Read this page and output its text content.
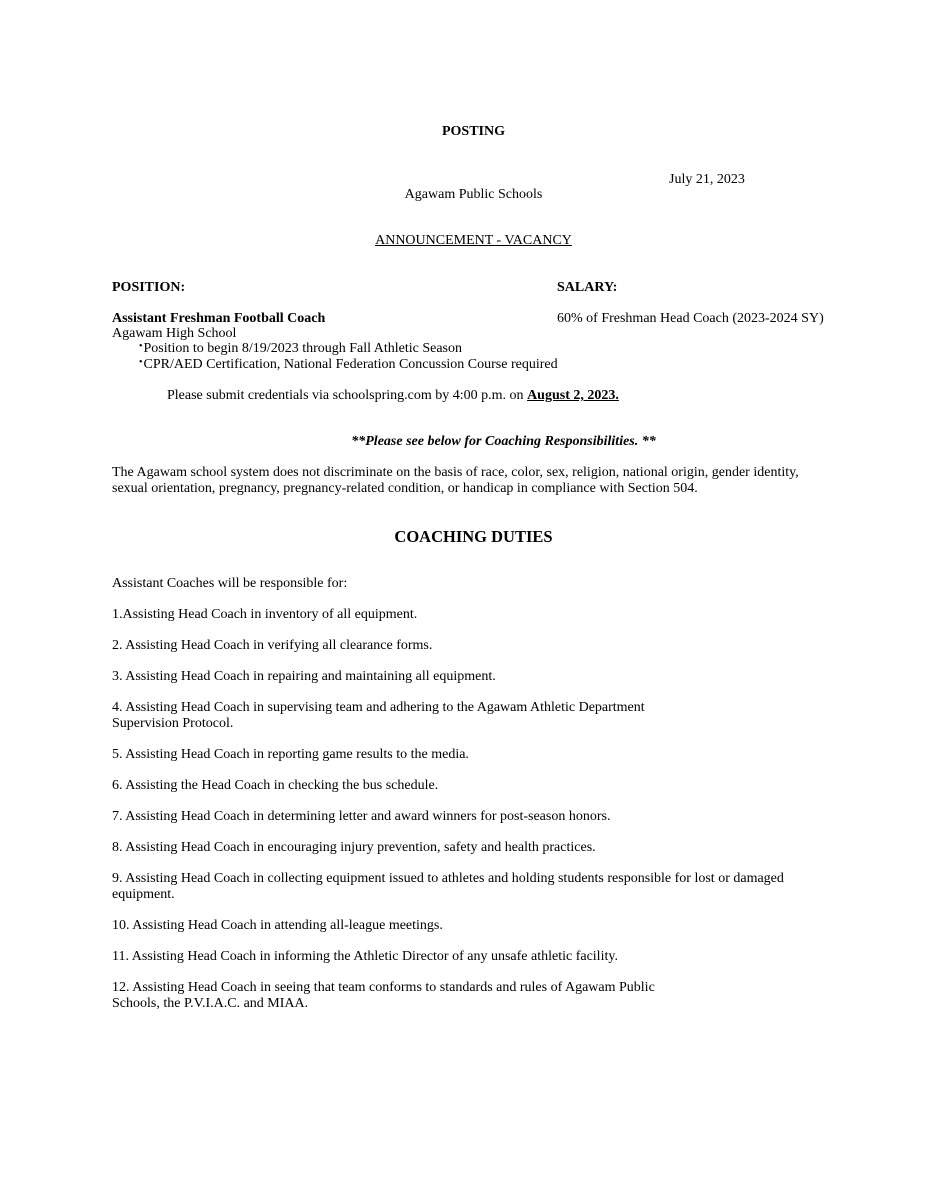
POSTING
July 21, 2023
Agawam Public Schools
ANNOUNCEMENT - VACANCY
POSITION:	SALARY:
Assistant Freshman Football Coach	60% of Freshman Head Coach (2023-2024 SY)
Agawam High School
•Position to begin 8/19/2023 through Fall Athletic Season
•CPR/AED Certification, National Federation Concussion Course required
Please submit credentials via schoolspring.com by 4:00 p.m. on August 2, 2023.
**Please see below for Coaching Responsibilities. **
The Agawam school system does not discriminate on the basis of race, color, sex, religion, national origin, gender identity, sexual orientation, pregnancy, pregnancy-related condition, or handicap in compliance with Section 504.
COACHING DUTIES
Assistant Coaches will be responsible for:
1.Assisting Head Coach in inventory of all equipment.
2. Assisting Head Coach in verifying all clearance forms.
3. Assisting Head Coach in repairing and maintaining all equipment.
4. Assisting Head Coach in supervising team and adhering to the Agawam Athletic Department Supervision Protocol.
5. Assisting Head Coach in reporting game results to the media.
6. Assisting the Head Coach in checking the bus schedule.
7. Assisting Head Coach in determining letter and award winners for post-season honors.
8. Assisting Head Coach in encouraging injury prevention, safety and health practices.
9. Assisting Head Coach in collecting equipment issued to athletes and holding students responsible for lost or damaged equipment.
10. Assisting Head Coach in attending all-league meetings.
11. Assisting Head Coach in informing the Athletic Director of any unsafe athletic facility.
12. Assisting Head Coach in seeing that team conforms to standards and rules of Agawam Public Schools, the P.V.I.A.C. and MIAA.
